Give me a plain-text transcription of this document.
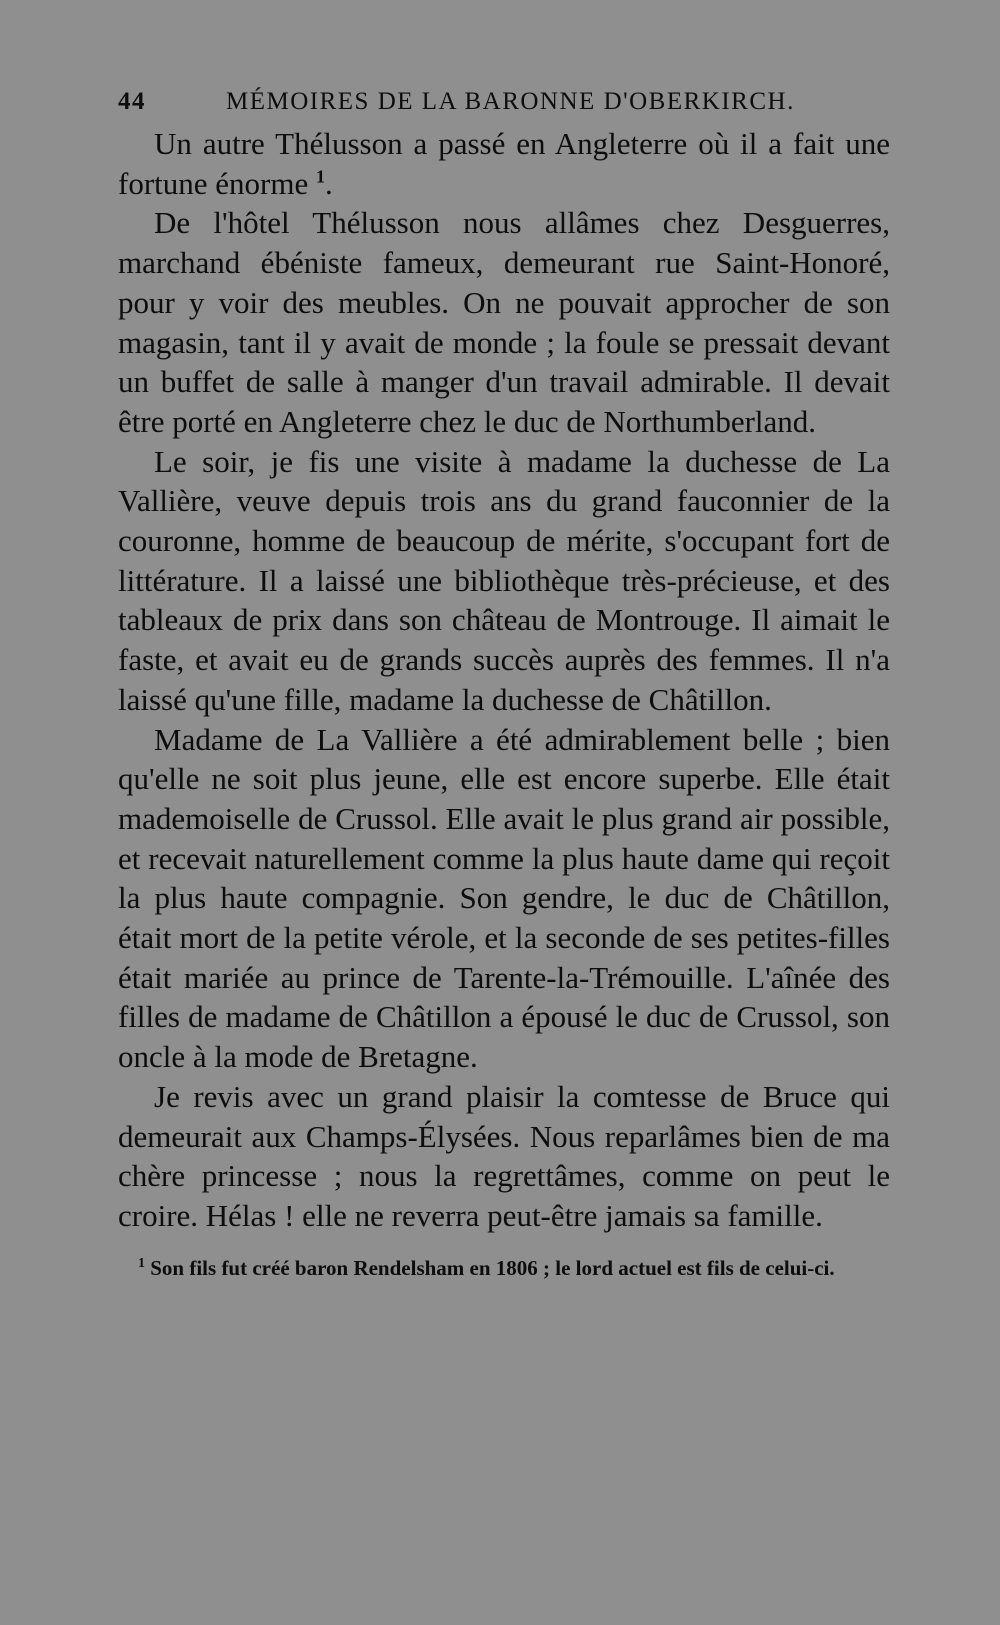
44	MÉMOIRES DE LA BARONNE D'OBERKIRCH.

Un autre Thélusson a passé en Angleterre où il a fait une fortune énorme $^1$.

De l'hôtel Thélusson nous allâmes chez Desguerres, marchand ébéniste fameux, demeurant rue Saint-Honoré, pour y voir des meubles. On ne pouvait approcher de son magasin, tant il y avait de monde ; la foule se pressait devant un buffet de salle à manger d'un travail admirable. Il devait être porté en Angleterre chez le duc de Northumberland.

Le soir, je fis une visite à madame la duchesse de La Vallière, veuve depuis trois ans du grand fauconnier de la couronne, homme de beaucoup de mérite, s'occupant fort de littérature. Il a laissé une bibliothèque très-précieuse, et des tableaux de prix dans son château de Montrouge. Il aimait le faste, et avait eu de grands succès auprès des femmes. Il n'a laissé qu'une fille, madame la duchesse de Châtillon.

Madame de La Vallière a été admirablement belle ; bien qu'elle ne soit plus jeune, elle est encore superbe. Elle était mademoiselle de Crussol. Elle avait le plus grand air possible, et recevait naturellement comme la plus haute dame qui reçoit la plus haute compagnie. Son gendre, le duc de Châtillon, était mort de la petite vérole, et la seconde de ses petites-filles était mariée au prince de Tarente-la-Trémouille. L'aînée des filles de madame de Châtillon a épousé le duc de Crussol, son oncle à la mode de Bretagne.

Je revis avec un grand plaisir la comtesse de Bruce qui demeurait aux Champs-Élysées. Nous reparlâmes bien de ma chère princesse ; nous la regrettâmes, comme on peut le croire. Hélas ! elle ne reverra peut-être jamais sa famille.

$^1$ Son fils fut créé baron Rendelsham en 1806 ; le lord actuel est fils de celui-ci.
